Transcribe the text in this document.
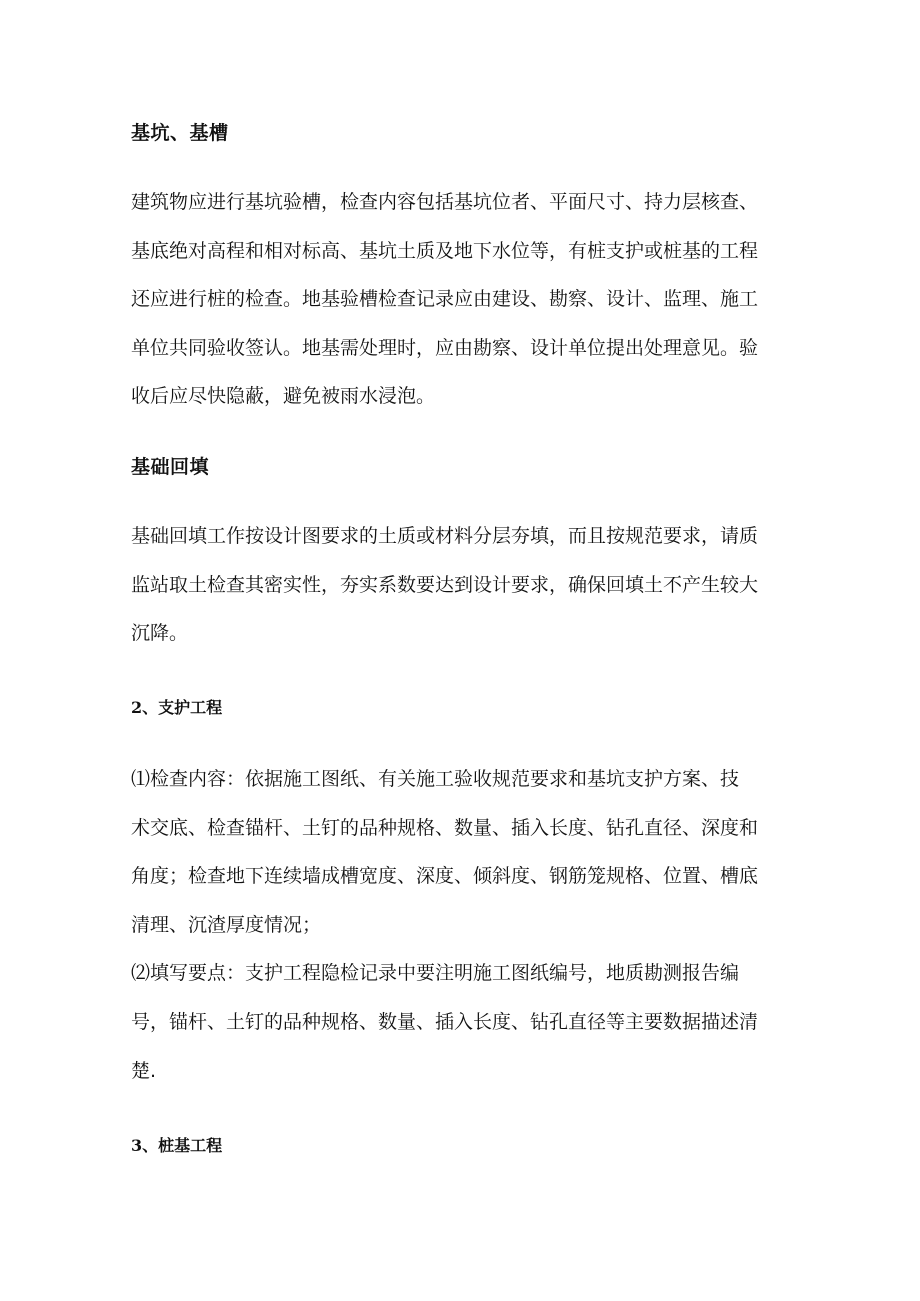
基坑、基槽
建筑物应进行基坑验槽，检查内容包括基坑位者、平面尺寸、持力层核查、
基底绝对高程和相对标高、基坑土质及地下水位等，有桩支护或桩基的工程
还应进行桩的检查。地基验槽检查记录应由建设、勘察、设计、监理、施工
单位共同验收签认。地基需处理时，应由勘察、设计单位提出处理意见。验
收后应尽快隐蔽，避免被雨水浸泡。
基础回填
基础回填工作按设计图要求的土质或材料分层夯填，而且按规范要求，请质
监站取土检查其密实性，夯实系数要达到设计要求，确保回填土不产生较大
沉降。
2、支护工程
⑴检查内容：依据施工图纸、有关施工验收规范要求和基坑支护方案、技
术交底、检查锚杆、土钉的品种规格、数量、插入长度、钻孔直径、深度和
角度；检查地下连续墙成槽宽度、深度、倾斜度、钢筋笼规格、位置、槽底
清理、沉渣厚度情况；
⑵填写要点：支护工程隐检记录中要注明施工图纸编号，地质勘测报告编
号，锚杆、土钉的品种规格、数量、插入长度、钻孔直径等主要数据描述清
楚.
3、桩基工程
